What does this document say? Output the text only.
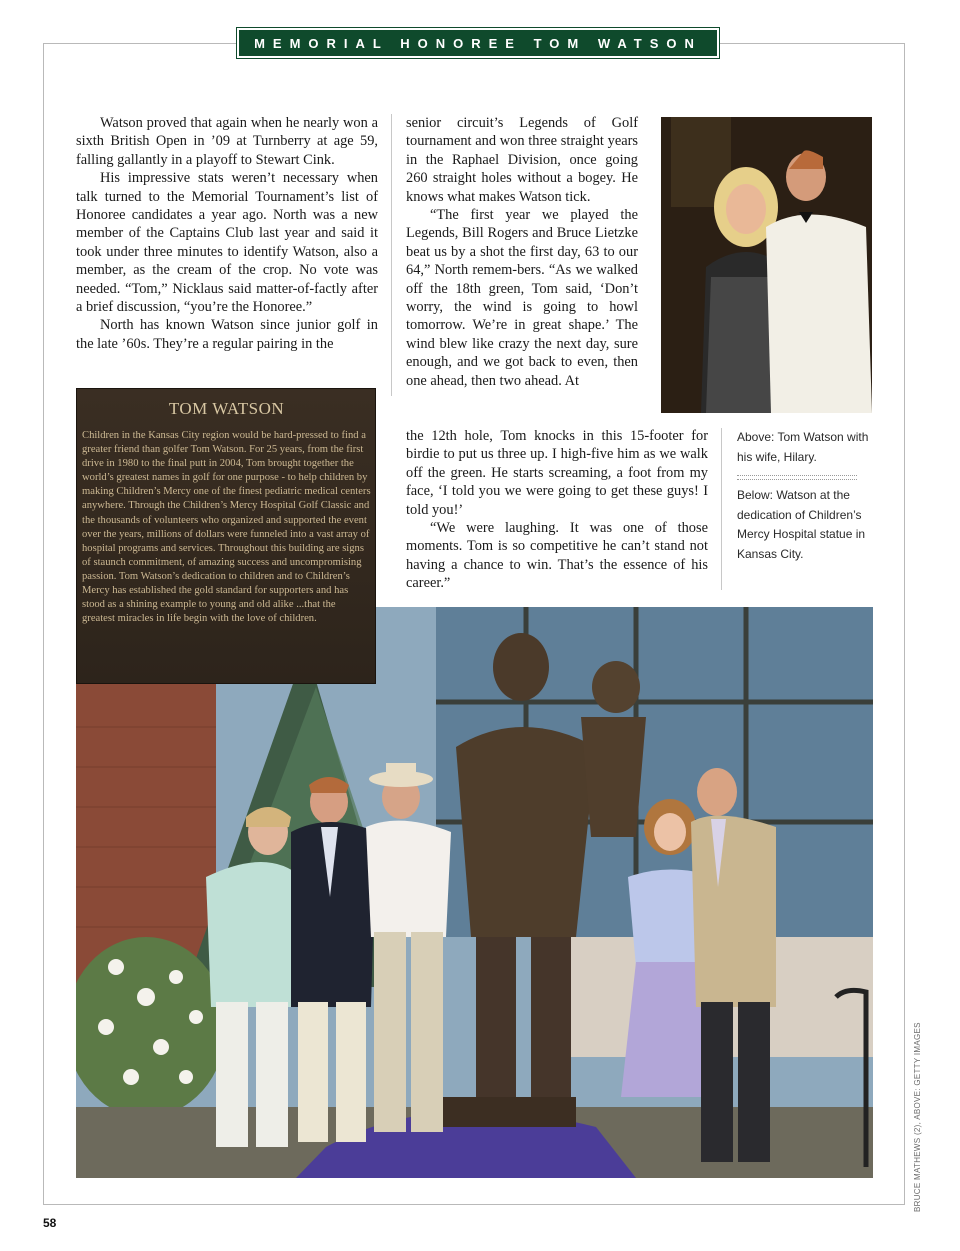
MEMORIAL HONOREE TOM WATSON

Watson proved that again when he nearly won a sixth British Open in ’09 at Turnberry at age 59, falling gallantly in a playoff to Stewart Cink.

His impressive stats weren’t necessary when talk turned to the Memorial Tournament’s list of Honoree candidates a year ago. North was a new member of the Captains Club last year and said it took under three minutes to identify Watson, also a member, as the cream of the crop. No vote was needed. “Tom,” Nicklaus said matter-of-factly after a brief discussion, “you’re the Honoree.”

North has known Watson since junior golf in the late ’60s. They’re a regular pairing in the

senior circuit’s Legends of Golf tournament and won three straight years in the Raphael Division, once going 260 straight holes without a bogey. He knows what makes Watson tick.

“The first year we played the Legends, Bill Rogers and Bruce Lietzke beat us by a shot the first day, 63 to our 64,” North remem-bers. “As we walked off the 18th green, Tom said, ‘Don’t worry, the wind is going to howl tomorrow. We’re in great shape.’ The wind blew like crazy the next day, sure enough, and we got back to even, then one ahead, then two ahead. At

the 12th hole, Tom knocks in this 15-footer for birdie to put us three up. I high-five him as we walk off the green. He starts screaming, a foot from my face, ‘I told you we were going to get these guys! I told you!’

“We were laughing. It was one of those moments. Tom is so competitive he can’t stand not having a chance to win. That’s the essence of his career.”

Above: Tom Watson with his wife, Hilary.
Below: Watson at the dedication of Children’s Mercy Hospital statue in Kansas City.
TOM WATSON

Children in the Kansas City region would be hard-pressed to find a greater friend than golfer Tom Watson. For 25 years, from the first drive in 1980 to the final putt in 2004, Tom brought together the world’s greatest names in golf for one purpose - to help children by making Children’s Mercy one of the finest pediatric medical centers anywhere. Through the Children’s Mercy Hospital Golf Classic and the thousands of volunteers who organized and supported the event over the years, millions of dollars were funneled into a vast array of hospital programs and services. Throughout this building are signs of staunch commitment, of amazing success and uncompromising passion. Tom Watson’s dedication to children and to Children’s Mercy has established the gold standard for supporters and has stood as a shining example to young and old alike ...that the greatest miracles in life begin with the love of children.

BRUCE MATHEWS (2), ABOVE: GETTY IMAGES
58
